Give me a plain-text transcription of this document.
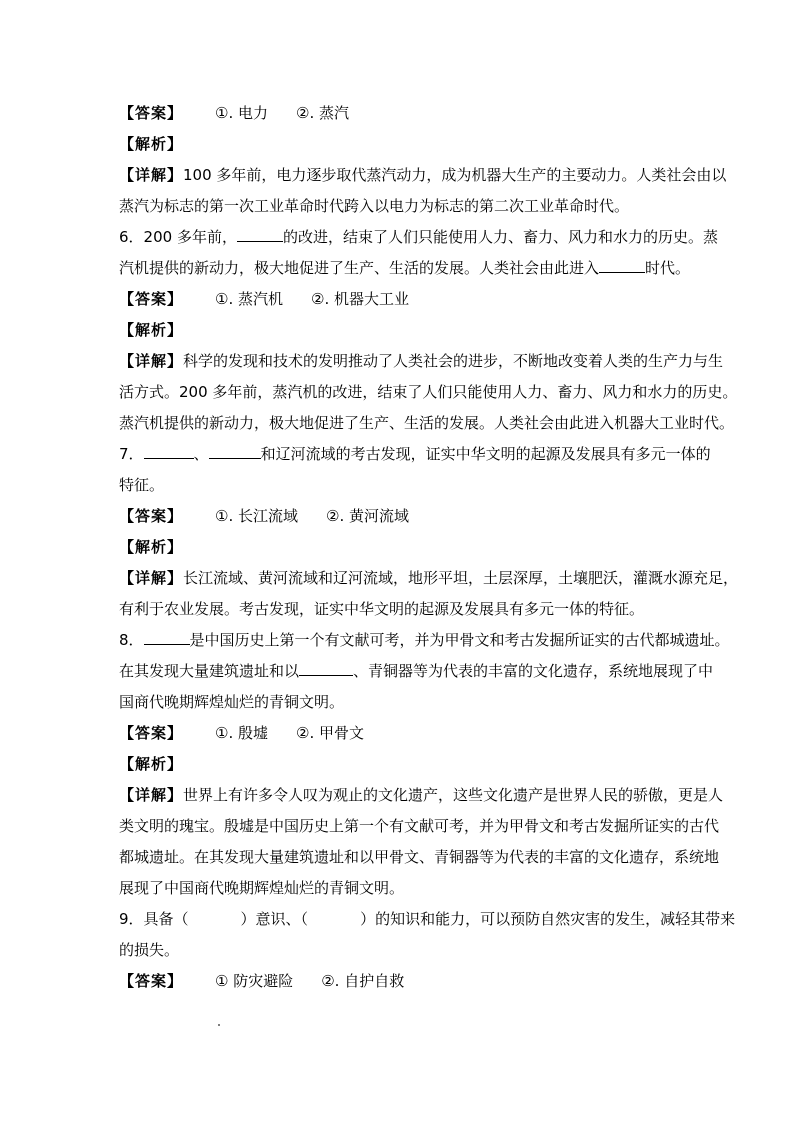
【答案】 ①. 电力 ②. 蒸汽
【解析】
【详解】100 多年前，电力逐步取代蒸汽动力，成为机器大生产的主要动力。人类社会由以
蒸汽为标志的第一次工业革命时代跨入以电力为标志的第二次工业革命时代。
6．200 多年前，	的改进，结束了人们只能使用人力、畜力、风力和水力的历史。蒸
汽机提供的新动力，极大地促进了生产、生活的发展。人类社会由此进入	时代。
【答案】 ①. 蒸汽机 ②. 机器大工业
【解析】
【详解】科学的发现和技术的发明推动了人类社会的进步，不断地改变着人类的生产力与生
活方式。200 多年前，蒸汽机的改进，结束了人们只能使用人力、畜力、风力和水力的历史。
蒸汽机提供的新动力，极大地促进了生产、生活的发展。人类社会由此进入机器大工业时代。
7．	、	和辽河流域的考古发现，证实中华文明的起源及发展具有多元一体的
特征。
【答案】 ①. 长江流域 ②. 黄河流域
【解析】
【详解】长江流域、黄河流域和辽河流域，地形平坦，土层深厚，土壤肥沃，灌溉水源充足，
有利于农业发展。考古发现，证实中华文明的起源及发展具有多元一体的特征。
8．	是中国历史上第一个有文献可考，并为甲骨文和考古发掘所证实的古代都城遗址。
在其发现大量建筑遗址和以	、青铜器等为代表的丰富的文化遗存，系统地展现了中
国商代晚期辉煌灿烂的青铜文明。
【答案】 ①. 殷墟 ②. 甲骨文
【解析】
【详解】世界上有许多令人叹为观止的文化遗产，这些文化遗产是世界人民的骄傲，更是人
类文明的瑰宝。殷墟是中国历史上第一个有文献可考，并为甲骨文和考古发掘所证实的古代
都城遗址。在其发现大量建筑遗址和以甲骨文、青铜器等为代表的丰富的文化遗存，系统地
展现了中国商代晚期辉煌灿烂的青铜文明。
9．具备（	）意识、（	）的知识和能力，可以预防自然灾害的发生，减轻其带来
的损失。
【答案】 ① 防灾避险 ②. 自护自救
